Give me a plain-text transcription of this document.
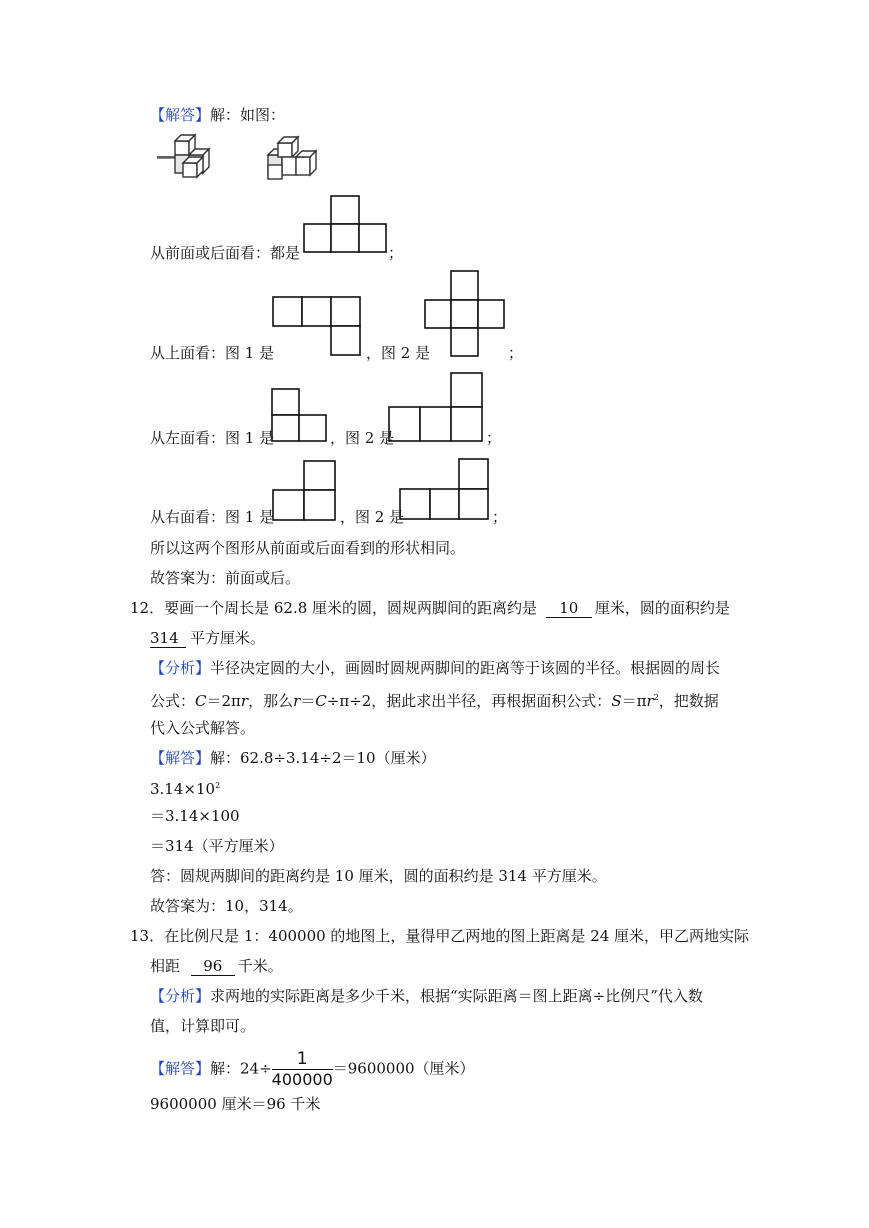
【解答】解：如图：
从前面或后面看：都是	；
从上面看：图 1 是	，图 2 是	；
从左面看：图 1 是	，图 2 是	；
从右面看：图 1 是	，图 2 是	；
所以这两个图形从前面或后面看到的形状相同。
故答案为：前面或后。
12．要画一个周长是 62.8 厘米的圆，圆规两脚间的距离约是 10 厘米，圆的面积约是
314 平方厘米。
【分析】半径决定圆的大小，画圆时圆规两脚间的距离等于该圆的半径。根据圆的周长
公式：C＝2πr，那么r＝C÷π÷2，据此求出半径，再根据面积公式：$S=\pi r^2$，把数据
代入公式解答。
【解答】解：62.8÷3.14÷2＝10（厘米）
$3.14\times 10^2$
＝3.14×100
＝314（平方厘米）
答：圆规两脚间的距离约是 10 厘米，圆的面积约是 314 平方厘米。
故答案为：10，314。
13．在比例尺是 1：400000 的地图上，量得甲乙两地的图上距离是 24 厘米，甲乙两地实际
相距 96 千米。
【分析】求两地的实际距离是多少千米，根据“实际距离＝图上距离÷比例尺”代入数
值，计算即可。
【解答】解：$24\div \frac{1}{400000} =9600000$（厘米）
9600000 厘米＝96 千米
